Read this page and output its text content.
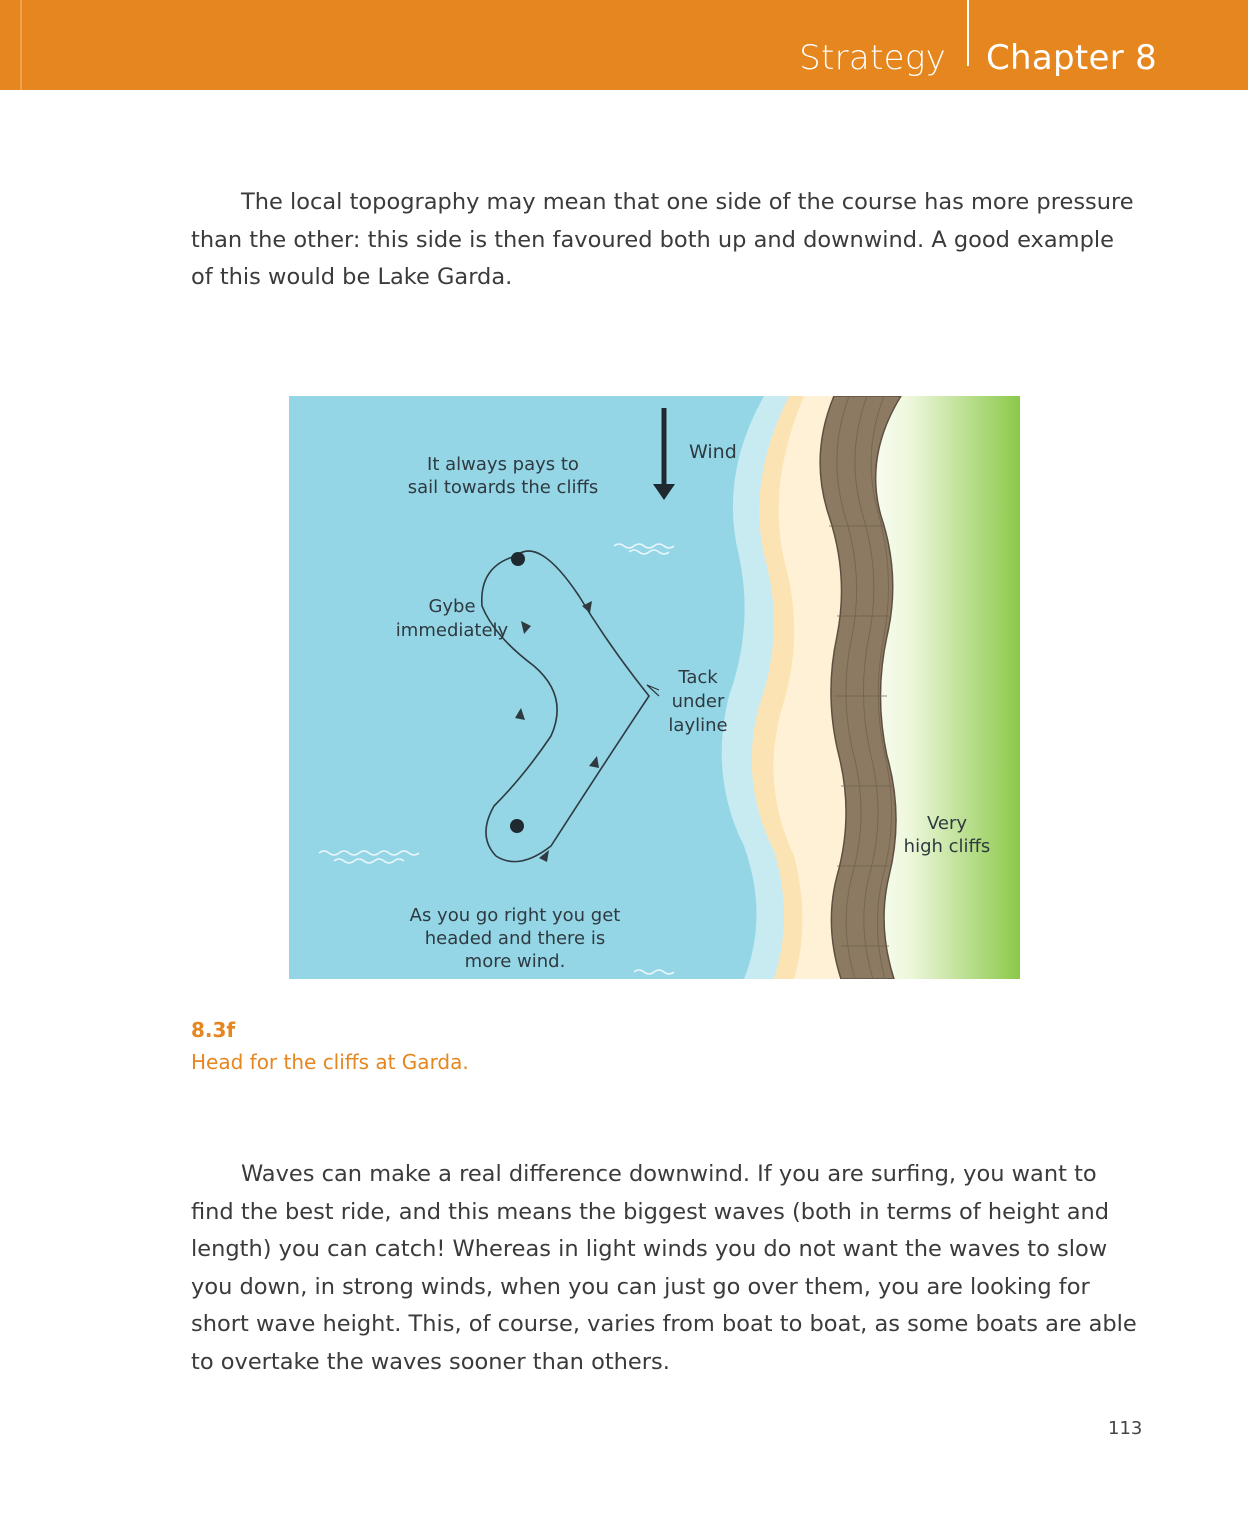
Strategy Chapter 8

The local topography may mean that one side of the course has more pressure than the other: this side is then favoured both up and downwind. A good example of this would be Lake Garda.

Wind
It always pays to
sail towards the cliffs
Gybe
immediately
Tack
under
layline
Very
high cliffs
As you go right you get
headed and there is
more wind.
8.3f
Head for the cliffs at Garda.

Waves can make a real difference downwind. If you are surfing, you want to find the best ride, and this means the biggest waves (both in terms of height and length) you can catch! Whereas in light winds you do not want the waves to slow you down, in strong winds, when you can just go over them, you are looking for short wave height. This, of course, varies from boat to boat, as some boats are able to overtake the waves sooner than others.

113
